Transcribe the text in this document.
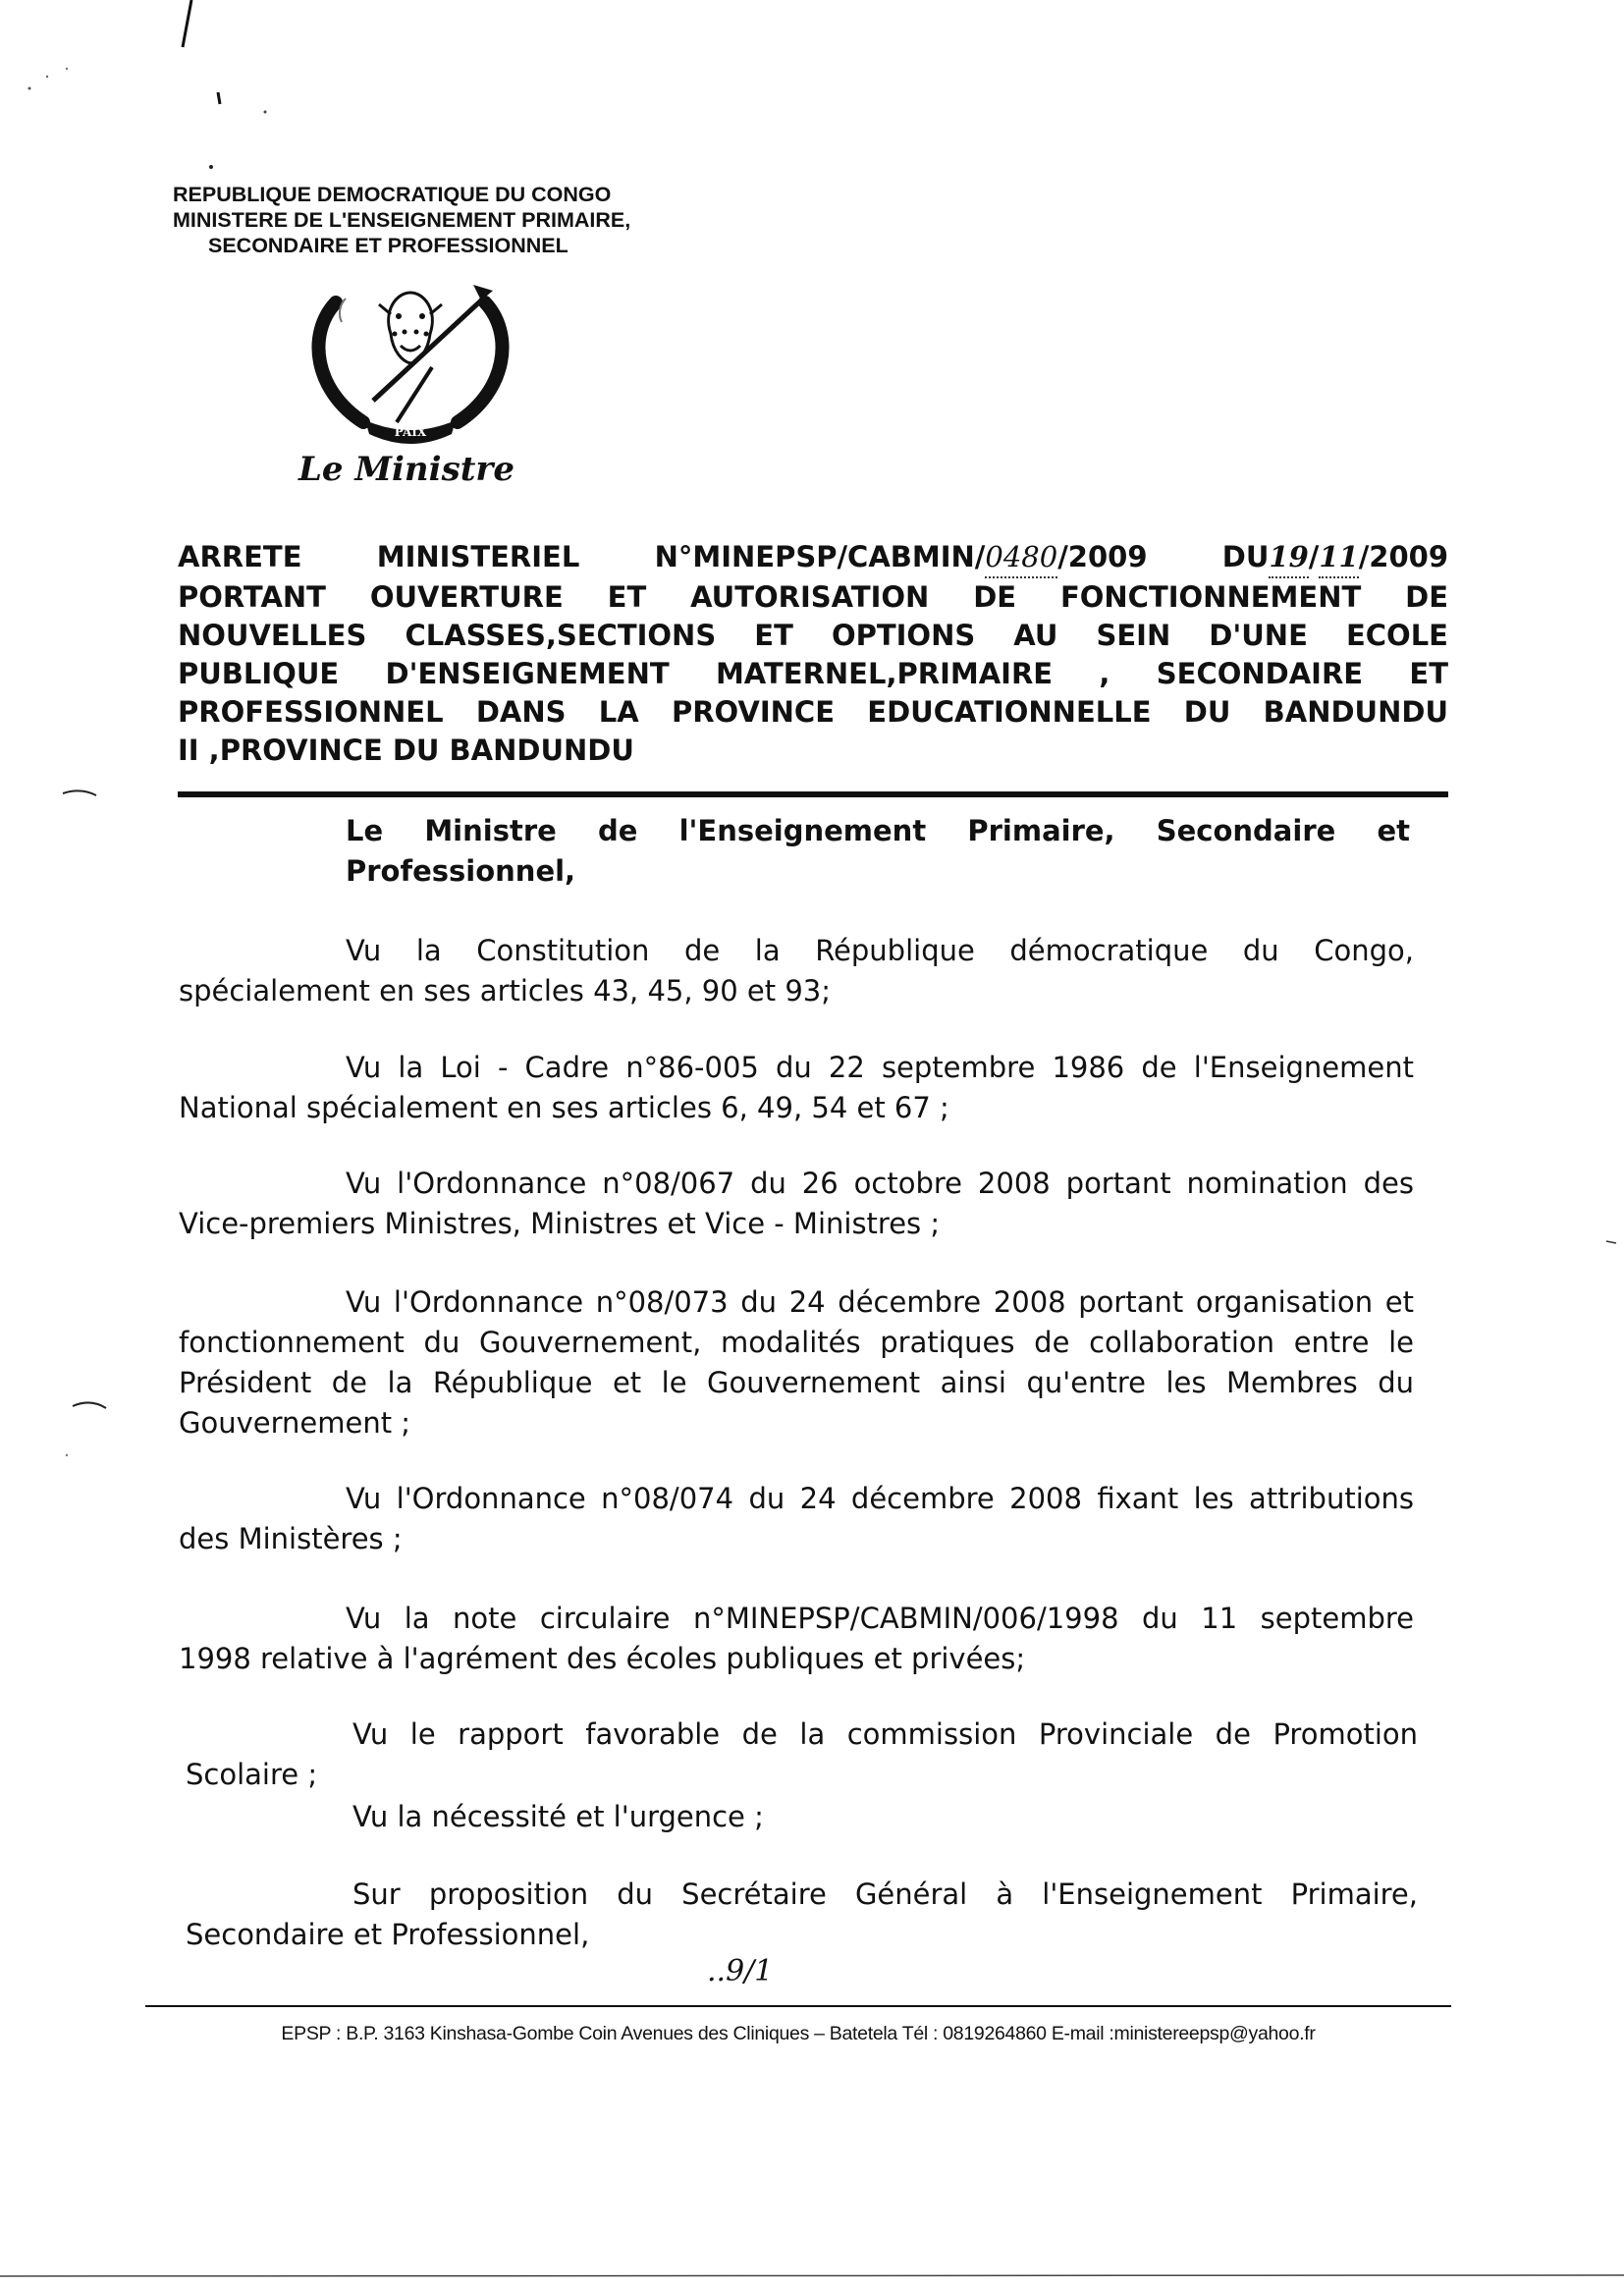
REPUBLIQUE DEMOCRATIQUE DU CONGO
MINISTERE DE L'ENSEIGNEMENT PRIMAIRE,
SECONDAIRE ET PROFESSIONNEL
PAIX
Le Ministre
ARRETE MINISTERIEL N°MINEPSP/CABMIN/0480/2009 DU19/11/2009
PORTANT OUVERTURE ET AUTORISATION DE FONCTIONNEMENT DE
NOUVELLES CLASSES,SECTIONS ET OPTIONS AU SEIN D'UNE ECOLE
PUBLIQUE D'ENSEIGNEMENT MATERNEL,PRIMAIRE , SECONDAIRE ET
PROFESSIONNEL DANS LA PROVINCE EDUCATIONNELLE DU BANDUNDU
II ,PROVINCE DU BANDUNDU
Le Ministre de l'Enseignement Primaire, Secondaire et
Professionnel,
Vu la Constitution de la République démocratique du Congo,
spécialement en ses articles 43, 45, 90 et 93;
Vu la Loi - Cadre n°86-005 du 22 septembre 1986 de l'Enseignement
National spécialement en ses articles 6, 49, 54 et 67 ;
Vu l'Ordonnance n°08/067 du 26 octobre 2008 portant nomination des
Vice-premiers Ministres, Ministres et Vice - Ministres ;
Vu l'Ordonnance n°08/073 du 24 décembre 2008 portant organisation et
fonctionnement du Gouvernement, modalités pratiques de collaboration entre le
Président de la République et le Gouvernement ainsi qu'entre les Membres du
Gouvernement ;
Vu l'Ordonnance n°08/074 du 24 décembre 2008 fixant les attributions
des Ministères ;
Vu la note circulaire n°MINEPSP/CABMIN/006/1998 du 11 septembre
1998 relative à l'agrément des écoles publiques et privées;
Vu le rapport favorable de la commission Provinciale de Promotion
Scolaire ;
Vu la nécessité et l'urgence ;
Sur proposition du Secrétaire Général à l'Enseignement Primaire,
Secondaire et Professionnel,
..9/1
EPSP : B.P. 3163 Kinshasa-Gombe Coin Avenues des Cliniques – Batetela Tél : 0819264860 E-mail :ministereepsp@yahoo.fr
